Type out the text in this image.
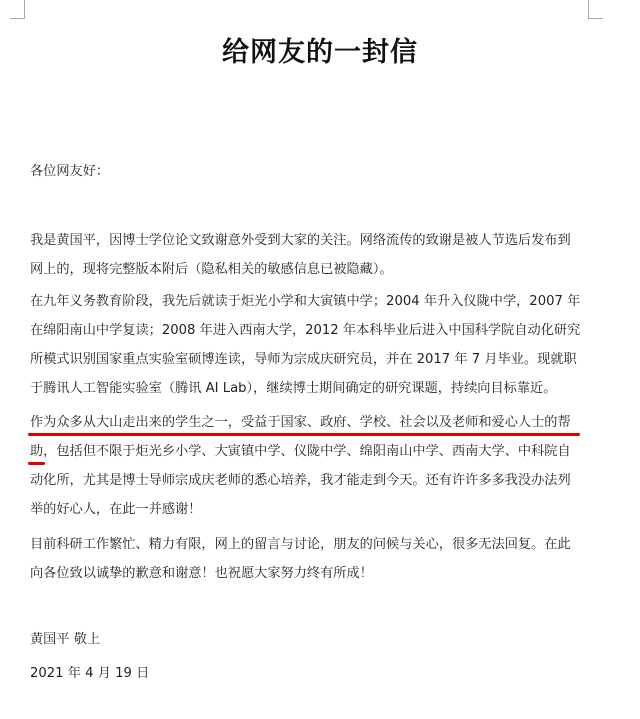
给网友的一封信
各位网友好：
我是黄国平，因博士学位论文致谢意外受到大家的关注。网络流传的致谢是被人节选后发布到
网上的，现将完整版本附后（隐私相关的敏感信息已被隐藏）。
在九年义务教育阶段，我先后就读于炬光小学和大寅镇中学；2004 年升入仪陇中学，2007 年
在绵阳南山中学复读；2008 年进入西南大学，2012 年本科毕业后进入中国科学院自动化研究
所模式识别国家重点实验室硕博连读，导师为宗成庆研究员，并在 2017 年 7 月毕业。现就职
于腾讯人工智能实验室（腾讯 AI Lab），继续博士期间确定的研究课题，持续向目标靠近。
作为众多从大山走出来的学生之一，受益于国家、政府、学校、社会以及老师和爱心人士的帮
助，包括但不限于炬光乡小学、大寅镇中学、仪陇中学、绵阳南山中学、西南大学、中科院自
动化所，尤其是博士导师宗成庆老师的悉心培养，我才能走到今天。还有许许多多我没办法列
举的好心人，在此一并感谢！
目前科研工作繁忙、精力有限，网上的留言与讨论，朋友的问候与关心，很多无法回复。在此
向各位致以诚挚的歉意和谢意！也祝愿大家努力终有所成！
黄国平 敬上
2021 年 4 月 19 日
